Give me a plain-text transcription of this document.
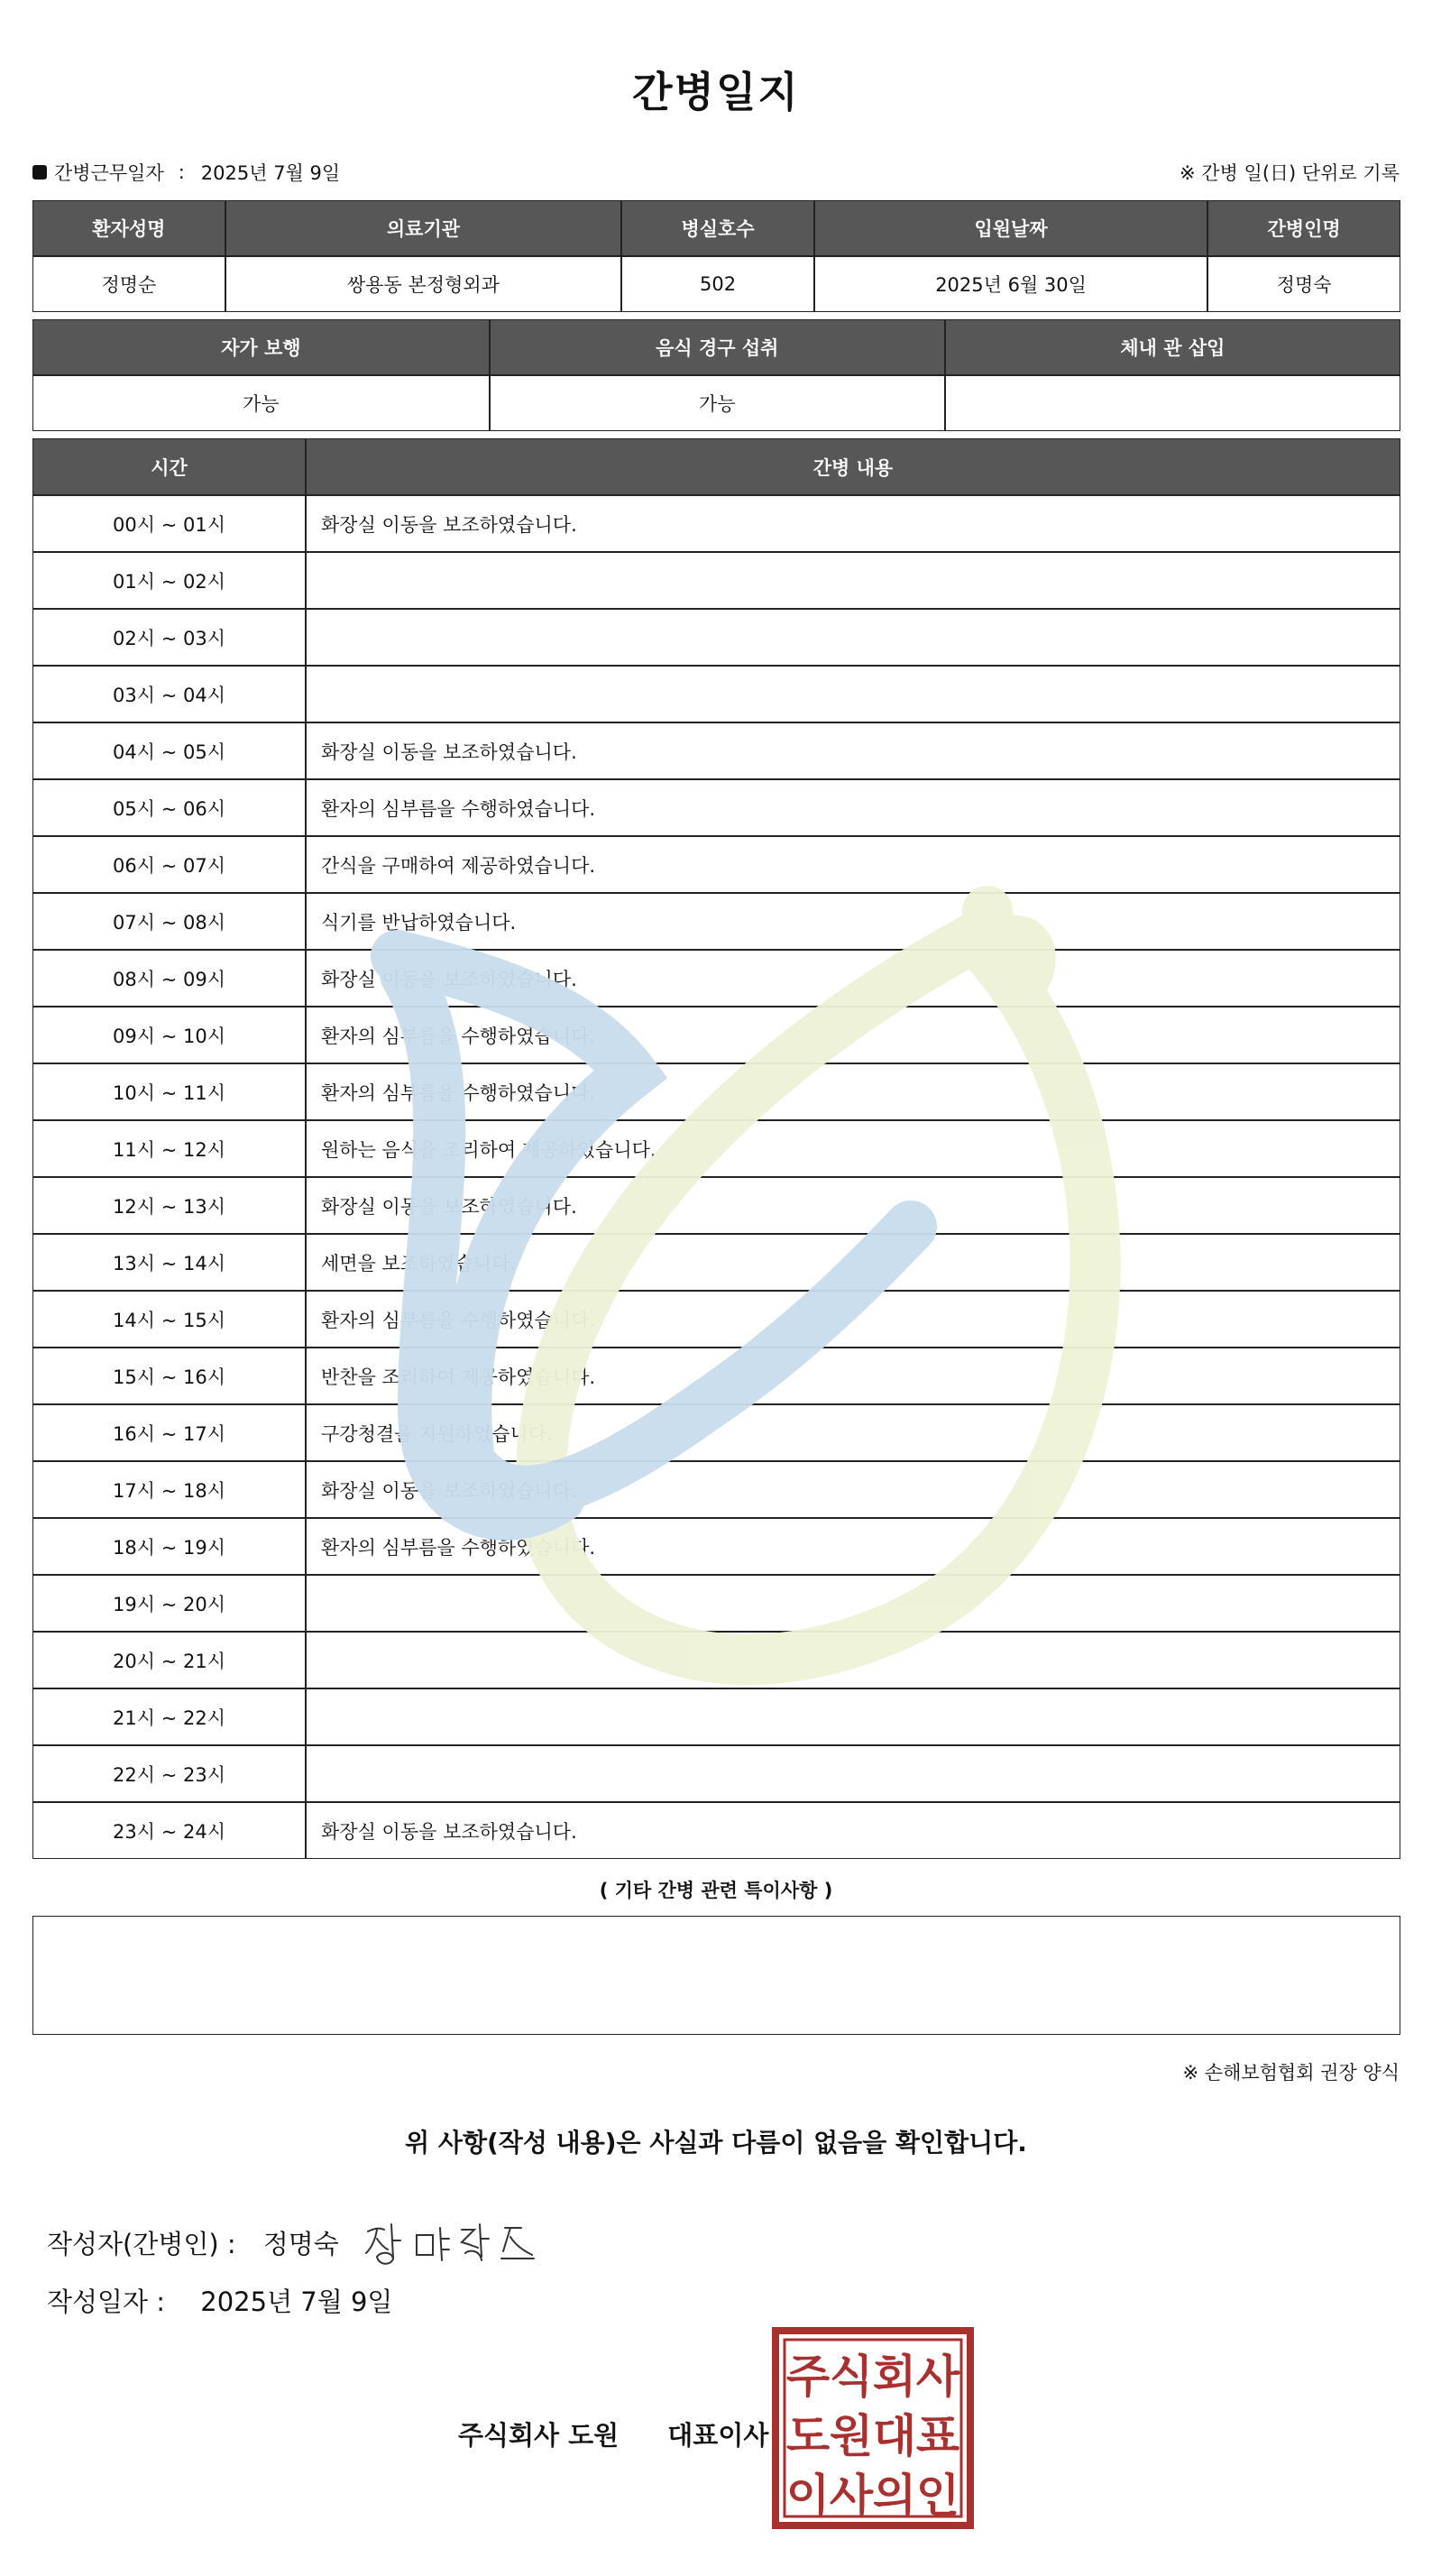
간병일지
간병근무일자 : 2025년 7월 9일	※ 간병 일(日) 단위로 기록
환자성명	의료기관	병실호수	입원날짜	간병인명
정명순	쌍용동 본정형외과	502	2025년 6월 30일	정명숙
자가 보행	음식 경구 섭취	체내 관 삽입
가능	가능	
시간	간병 내용
00시 ~ 01시	화장실 이동을 보조하였습니다.
01시 ~ 02시	
02시 ~ 03시	
03시 ~ 04시	
04시 ~ 05시	화장실 이동을 보조하였습니다.
05시 ~ 06시	환자의 심부름을 수행하였습니다.
06시 ~ 07시	간식을 구매하여 제공하였습니다.
07시 ~ 08시	식기를 반납하였습니다.
08시 ~ 09시	화장실 이동을 보조하였습니다.
09시 ~ 10시	환자의 심부름을 수행하였습니다.
10시 ~ 11시	환자의 심부름을 수행하였습니다.
11시 ~ 12시	원하는 음식을 조리하여 제공하였습니다.
12시 ~ 13시	화장실 이동을 보조하였습니다.
13시 ~ 14시	세면을 보조하였습니다.
14시 ~ 15시	환자의 심부름을 수행하였습니다.
15시 ~ 16시	반찬을 조리하여 제공하였습니다.
16시 ~ 17시	구강청결을 지원하였습니다.
17시 ~ 18시	화장실 이동을 보조하였습니다.
18시 ~ 19시	환자의 심부름을 수행하였습니다.
19시 ~ 20시	
20시 ~ 21시	
21시 ~ 22시	
22시 ~ 23시	
23시 ~ 24시	화장실 이동을 보조하였습니다.
( 기타 간병 관련 특이사항 )
※ 손해보험협회 권장 양식
위 사항(작성 내용)은 사실과 다름이 없음을 확인합니다.
작성자(간병인) : 정명숙
작성일자 : 2025년 7월 9일
주식회사 도원 대표이사
주 식 회 사
도 원 대 표
이 사 의 인
